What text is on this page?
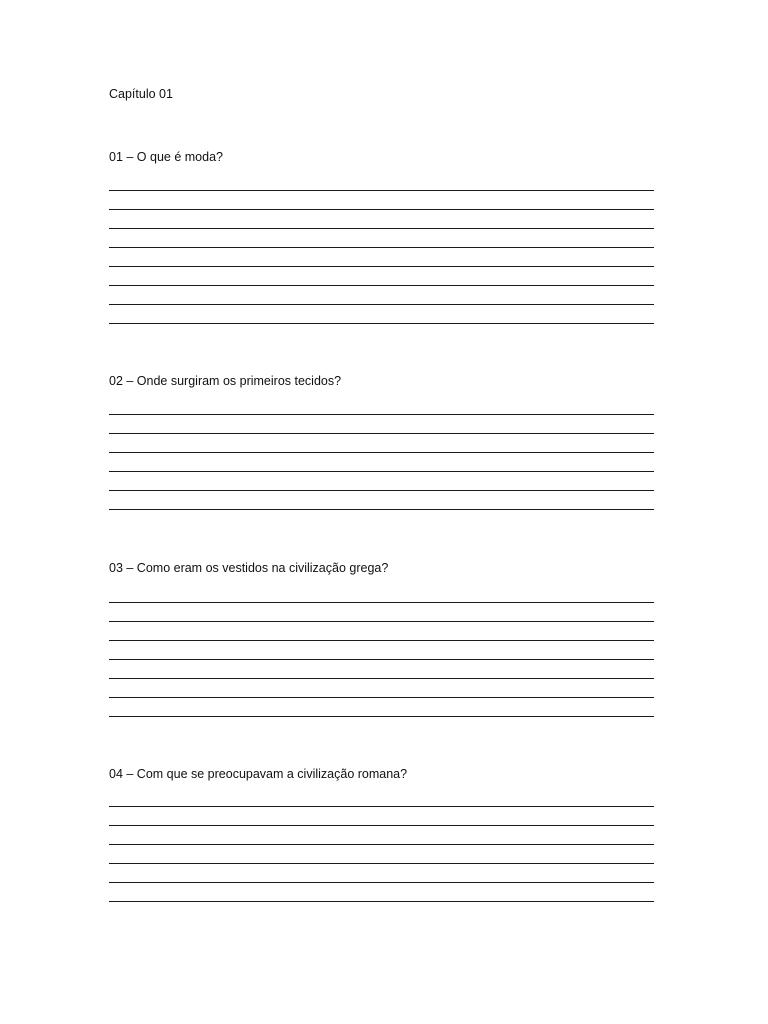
Capítulo 01
01 – O que é moda?
02 – Onde surgiram os primeiros tecidos?
03 – Como eram os vestidos na civilização grega?
04 – Com que se preocupavam a civilização romana?
